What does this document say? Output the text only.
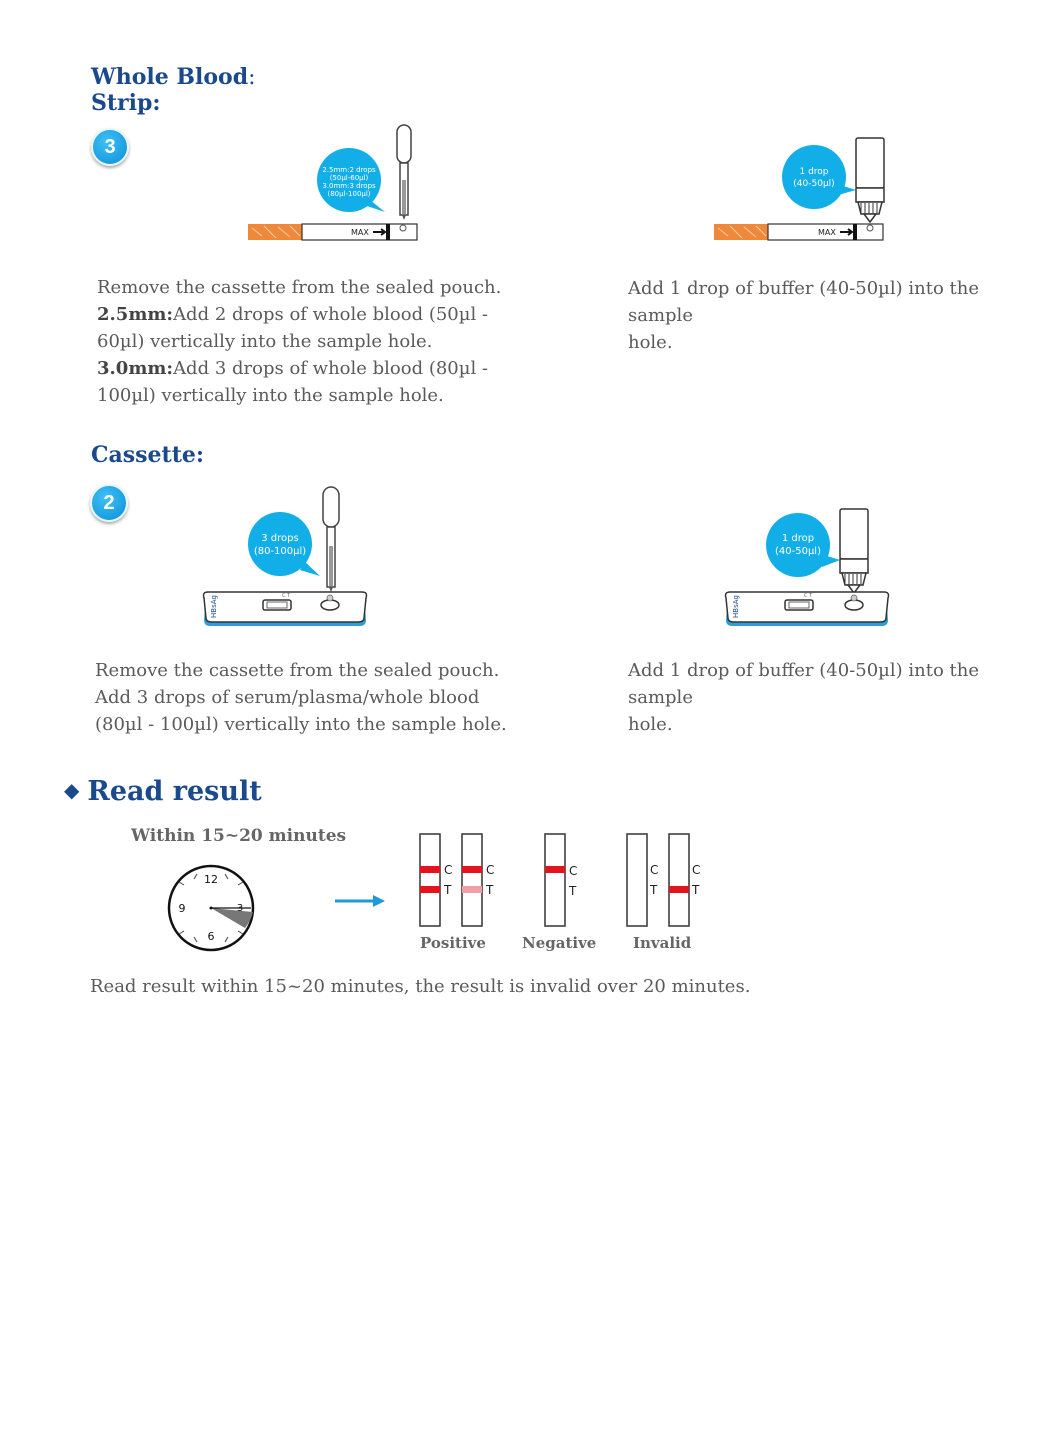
Whole Blood:
Strip:
3
2.5mm:2 drops
(50µl-60µl)
3.0mm:3 drops
(80µl-100µl)
MAX
1 drop
(40-50µl)
MAX
Remove the cassette from the sealed pouch.
2.5mm:Add 2 drops of whole blood (50µl -
60µl) vertically into the sample hole.
3.0mm:Add 3 drops of whole blood (80µl -
100µl) vertically into the sample hole.
Add 1 drop of buffer (40-50µl) into the sample
hole.
Cassette:
2
3 drops
(80-100µl)
HBsAg	C T
1 drop
(40-50µl)
HBsAg	C T
Remove the cassette from the sealed pouch.
Add 3 drops of serum/plasma/whole blood
(80µl - 100µl) vertically into the sample hole.
Add 1 drop of buffer (40-50µl) into the sample
hole.
◆ Read result
Within 15~20 minutes
12
3
6
9
C
T
C
T
C
T
C
T
C
T
Positive Negative Invalid
Read result within 15~20 minutes, the result is invalid over 20 minutes.
